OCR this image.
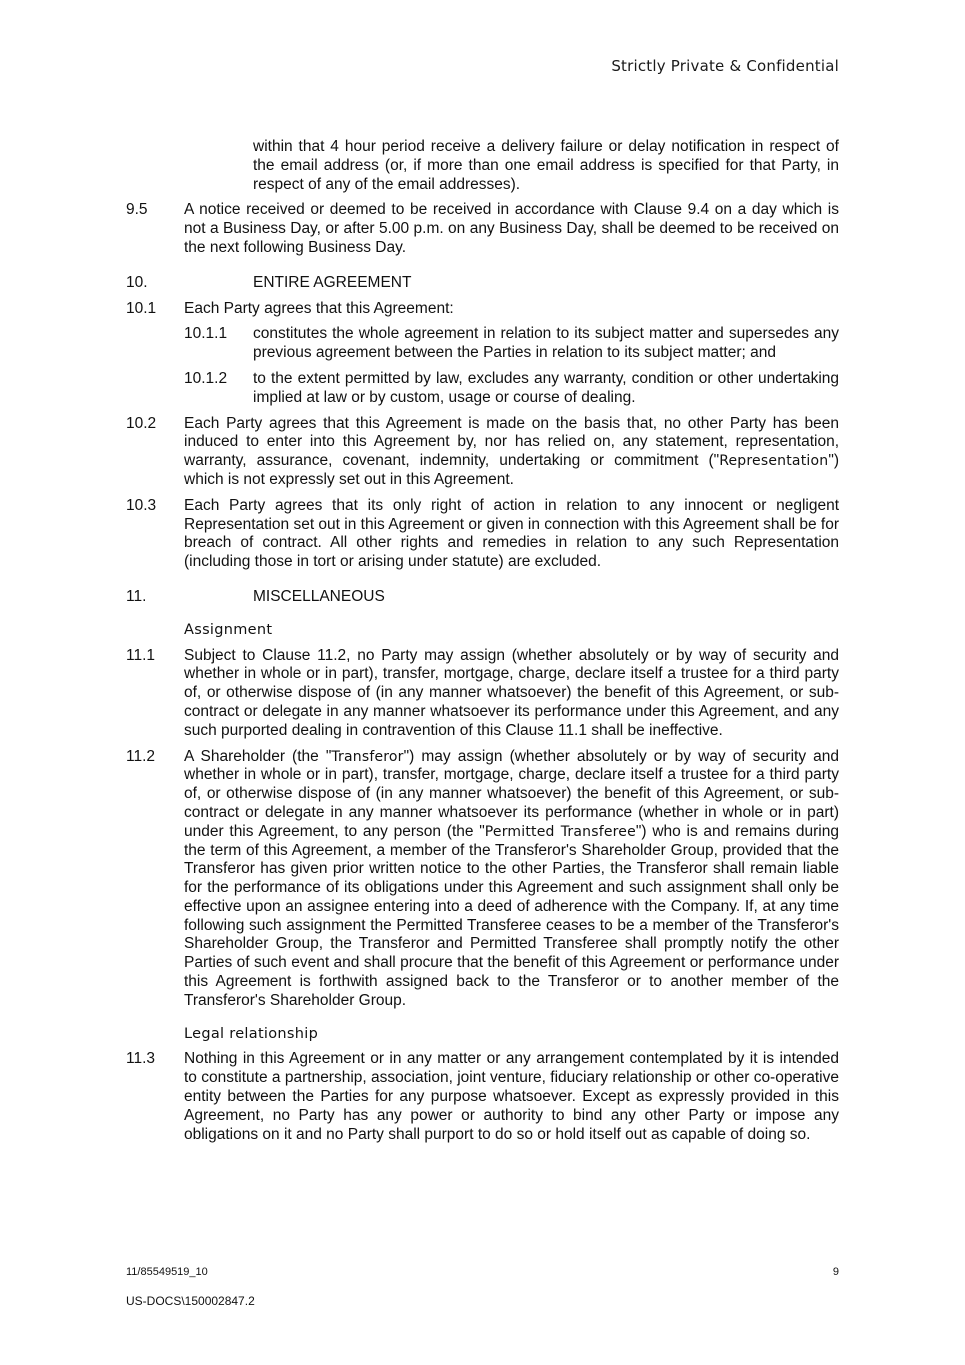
Strictly Private & Confidential
within that 4 hour period receive a delivery failure or delay notification in respect of the email address (or, if more than one email address is specified for that Party, in respect of any of the email addresses).
9.5 A notice received or deemed to be received in accordance with Clause 9.4 on a day which is not a Business Day, or after 5.00 p.m. on any Business Day, shall be deemed to be received on the next following Business Day.
10.	ENTIRE AGREEMENT
10.1 Each Party agrees that this Agreement:
10.1.1 constitutes the whole agreement in relation to its subject matter and supersedes any previous agreement between the Parties in relation to its subject matter; and
10.1.2 to the extent permitted by law, excludes any warranty, condition or other undertaking implied at law or by custom, usage or course of dealing.
10.2 Each Party agrees that this Agreement is made on the basis that, no other Party has been induced to enter into this Agreement by, nor has relied on, any statement, representation, warranty, assurance, covenant, indemnity, undertaking or commitment ("Representation") which is not expressly set out in this Agreement.
10.3 Each Party agrees that its only right of action in relation to any innocent or negligent Representation set out in this Agreement or given in connection with this Agreement shall be for breach of contract. All other rights and remedies in relation to any such Representation (including those in tort or arising under statute) are excluded.
11.	MISCELLANEOUS
Assignment
11.1 Subject to Clause 11.2, no Party may assign (whether absolutely or by way of security and whether in whole or in part), transfer, mortgage, charge, declare itself a trustee for a third party of, or otherwise dispose of (in any manner whatsoever) the benefit of this Agreement, or sub-contract or delegate in any manner whatsoever its performance under this Agreement, and any such purported dealing in contravention of this Clause 11.1 shall be ineffective.
11.2 A Shareholder (the "Transferor") may assign (whether absolutely or by way of security and whether in whole or in part), transfer, mortgage, charge, declare itself a trustee for a third party of, or otherwise dispose of (in any manner whatsoever) the benefit of this Agreement, or sub-contract or delegate in any manner whatsoever its performance (whether in whole or in part) under this Agreement, to any person (the "Permitted Transferee") who is and remains during the term of this Agreement, a member of the Transferor's Shareholder Group, provided that the Transferor has given prior written notice to the other Parties, the Transferor shall remain liable for the performance of its obligations under this Agreement and such assignment shall only be effective upon an assignee entering into a deed of adherence with the Company. If, at any time following such assignment the Permitted Transferee ceases to be a member of the Transferor's Shareholder Group, the Transferor and Permitted Transferee shall promptly notify the other Parties of such event and shall procure that the benefit of this Agreement or performance under this Agreement is forthwith assigned back to the Transferor or to another member of the Transferor's Shareholder Group.
Legal relationship
11.3 Nothing in this Agreement or in any matter or any arrangement contemplated by it is intended to constitute a partnership, association, joint venture, fiduciary relationship or other co-operative entity between the Parties for any purpose whatsoever. Except as expressly provided in this Agreement, no Party has any power or authority to bind any other Party or impose any obligations on it and no Party shall purport to do so or hold itself out as capable of doing so.
11/85549519_10	9
US-DOCS\150002847.2
